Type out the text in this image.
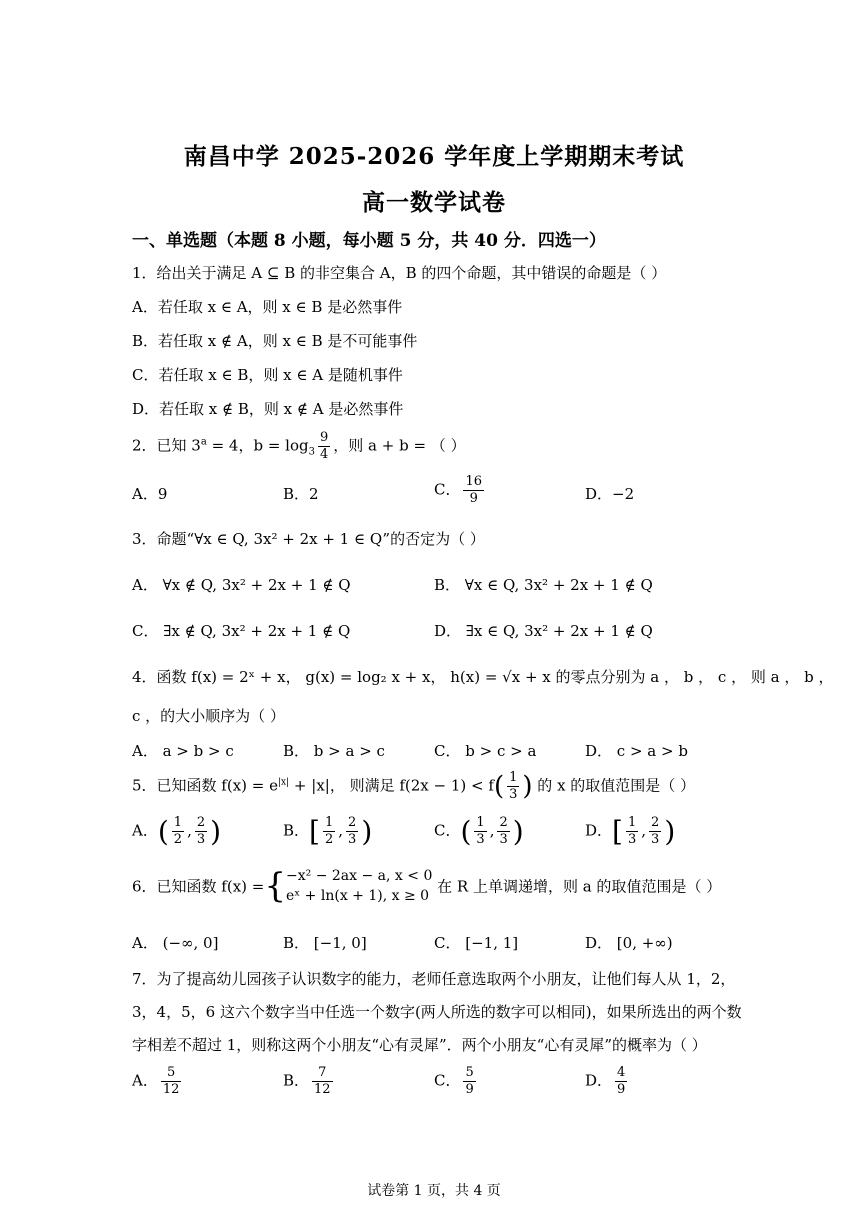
南昌中学 2025-2026 学年度上学期期末考试
高一数学试卷
一、单选题（本题 8 小题，每小题 5 分，共 40 分．四选一）
1．给出关于满足 A ⊆ B 的非空集合 A，B 的四个命题，其中错误的命题是（ ）
A．若任取 x ∈ A，则 x ∈ B 是必然事件
B．若任取 x ∉ A，则 x ∈ B 是不可能事件
C．若任取 x ∈ B，则 x ∈ A 是随机事件
D．若任取 x ∉ B，则 x ∉ A 是必然事件
2．已知 $3^a = 4$，$b = \log_3 \frac{9}{4}$ ，则 a + b = （ ）
A．9	B．2	C． $\frac{16}{9}$	D．−2
3．命题“∀x ∈ Q, 3x² + 2x + 1 ∈ Q”的否定为（ ）
A． ∀x ∉ Q, 3x² + 2x + 1 ∉ Q	B． ∀x ∈ Q, 3x² + 2x + 1 ∉ Q
C． ∃x ∉ Q, 3x² + 2x + 1 ∉ Q	D． ∃x ∈ Q, 3x² + 2x + 1 ∉ Q
4．函数 f(x) = 2ˣ + x， g(x) = log₂ x + x， h(x) = √x + x 的零点分别为 a ， b ， c ， 则 a ， b ，
c ，的大小顺序为（ ）
A． a > b > c	B． b > a > c	C． b > c > a	D． c > a > b
5．已知函数 $f(x) = e^{|x|} + |x|$， 则满足 $f(2x - 1) < f( \frac{1}{3}$ ) 的 x 的取值范围是（ ）
A．( $\frac{1}{2}$ , $\frac{2}{3}$ )	B．[ $\frac{1}{2}$ , $\frac{2}{3}$ )	C．( $\frac{1}{3}$ , $\frac{2}{3}$ )	D．[ $\frac{1}{3}$ , $\frac{2}{3}$ )
6．已知函数 f(x) ={ −x² − 2ax − a, x < 0
eˣ + ln(x + 1), x ≥ 0
在 R 上单调递增，则 a 的取值范围是（ ）
A． (−∞, 0]	B． [−1, 0]	C． [−1, 1]	D． [0, +∞)
7．为了提高幼儿园孩子认识数字的能力，老师任意选取两个小朋友，让他们每人从 1，2，
3，4，5，6 这六个数字当中任选一个数字(两人所选的数字可以相同)，如果所选出的两个数
字相差不超过 1，则称这两个小朋友“心有灵犀”．两个小朋友“心有灵犀”的概率为（ ）
A． $\frac{5}{12}$	B． $\frac{7}{12}$	C． $\frac{5}{9}$	D． $\frac{4}{9}$
试卷第 1 页，共 4 页
